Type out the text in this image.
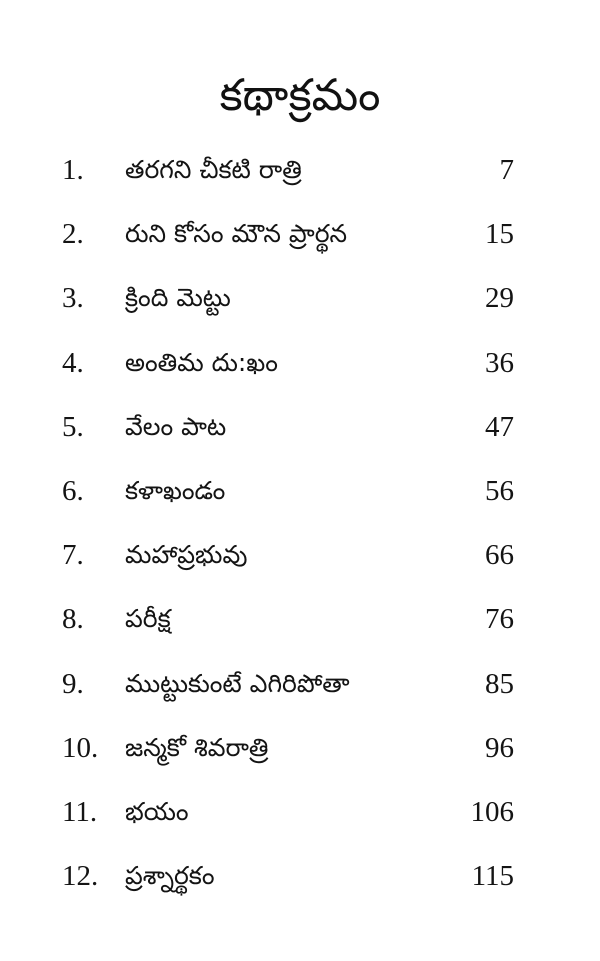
కథాక్రమం
1. తరగని చీకటి రాత్రి	7
2. రుని కోసం మౌన ప్రార్థన	15
3. క్రింది మెట్టు	29
4. అంతిమ దు:ఖం	36
5. వేలం పాట	47
6. కళాఖండం	56
7. మహాప్రభువు	66
8. పరీక్ష	76
9. ముట్టుకుంటే ఎగిరిపోతా	85
10. జన్మకో శివరాత్రి	96
11. భయం	106
12. ప్రశ్నార్థకం	115
